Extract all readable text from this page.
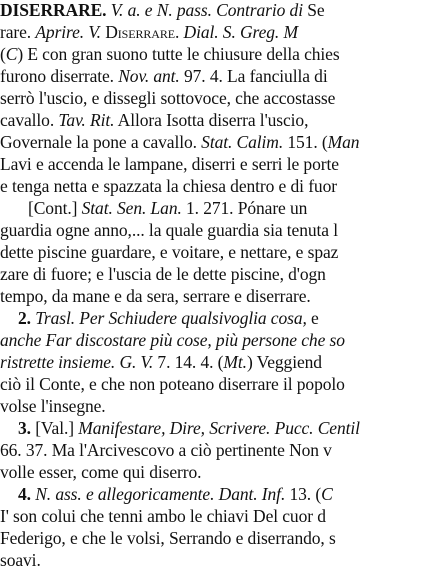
DISERRARE. V. a. e N. pass. Contrario di Se
rare. Aprire. V. Diserrare. Dial. S. Greg. M
(C) E con gran suono tutte le chiusure della chies
furono diserrate. Nov. ant. 97. 4. La fanciulla di
serrò l'uscio, e dissegli sottovoce, che accostasse
cavallo. Tav. Rit. Allora Isotta diserra l'uscio,
Governale la pone a cavallo. Stat. Calim. 151. (Man
Lavi e accenda le lampane, diserri e serri le porte
e tenga netta e spazzata la chiesa dentro e di fuor
[Cont.] Stat. Sen. Lan. 1. 271. Pónare un
guardia ogne anno,... la quale guardia sia tenuta l
dette piscine guardare, e voitare, e nettare, e spaz
zare di fuore; e l'uscia de le dette piscine, d'ogn
tempo, da mane e da sera, serrare e diserrare.
2. Trasl. Per Schiudere qualsivoglia cosa, e
anche Far discostare più cose, più persone che so
ristrette insieme. G. V. 7. 14. 4. (Mt.) Veggiend
ciò il Conte, e che non poteano diserrare il popolo
volse l'insegne.
3. [Val.] Manifestare, Dire, Scrivere. Pucc. Centil
66. 37. Ma l'Arcivescovo a ciò pertinente Non v
volle esser, come qui diserro.
4. N. ass. e allegoricamente. Dant. Inf. 13. (C
I' son colui che tenni ambo le chiavi Del cuor d
Federigo, e che le volsi, Serrando e diserrando, s
soavi.
